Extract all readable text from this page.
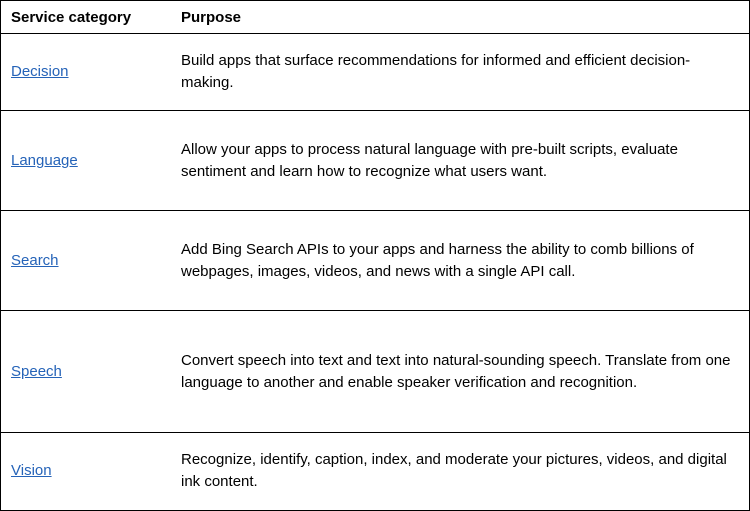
Service category	Purpose
Decision	Build apps that surface recommendations for informed and efficient decision-making.
Language	Allow your apps to process natural language with pre-built scripts, evaluate sentiment and learn how to recognize what users want.
Search	Add Bing Search APIs to your apps and harness the ability to comb billions of webpages, images, videos, and news with a single API call.
Speech	Convert speech into text and text into natural-sounding speech. Translate from one language to another and enable speaker verification and recognition.
Vision	Recognize, identify, caption, index, and moderate your pictures, videos, and digital ink content.
